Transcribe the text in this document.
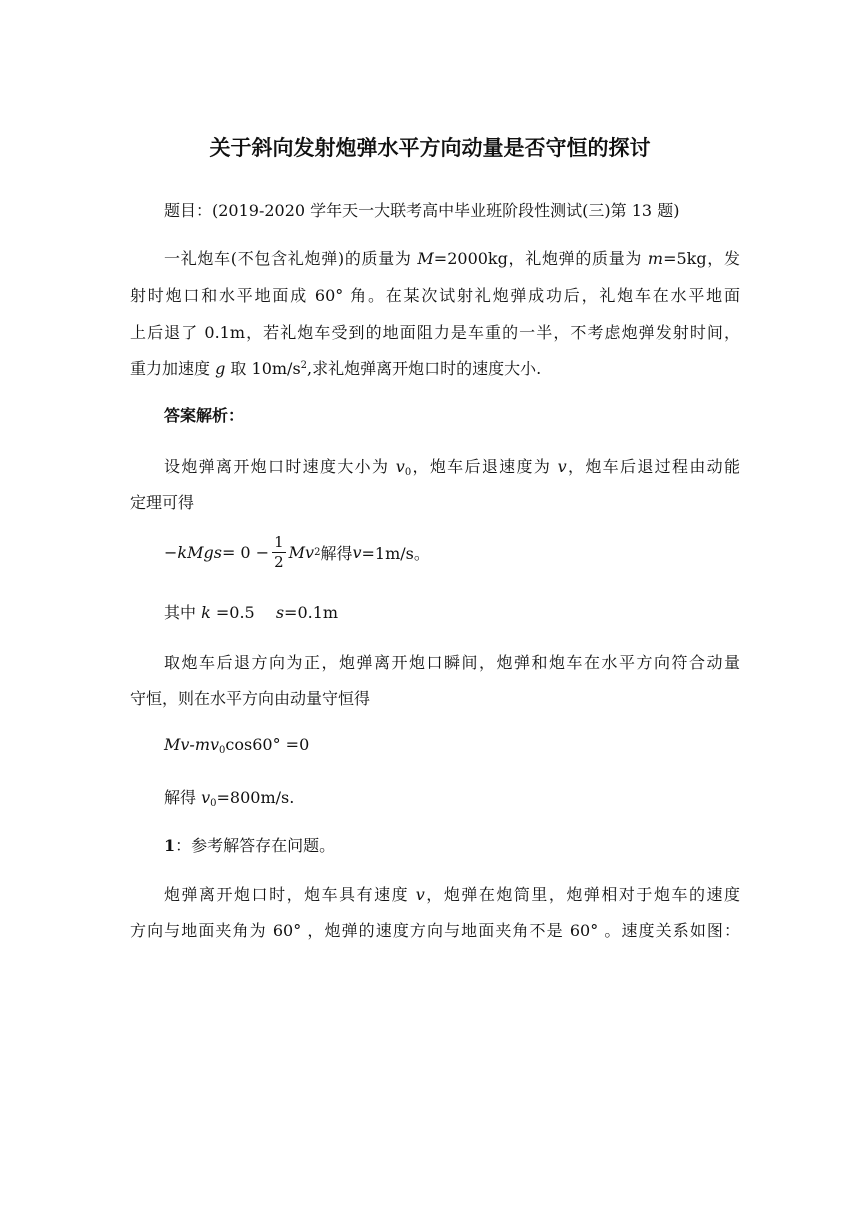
关于斜向发射炮弹水平方向动量是否守恒的探讨
题目：(2019-2020 学年天一大联考高中毕业班阶段性测试(三)第 13 题)
一礼炮车(不包含礼炮弹)的质量为 M=2000kg，礼炮弹的质量为 m=5kg，发
射时炮口和水平地面成 60° 角。在某次试射礼炮弹成功后，礼炮车在水平地面
上后退了 0.1m，若礼炮车受到的地面阻力是车重的一半，不考虑炮弹发射时间，
重力加速度 g 取 $10m/s^2$,求礼炮弹离开炮口时的速度大小.
答案解析：
设炮弹离开炮口时速度大小为 $v_0$，炮车后退速度为 v，炮车后退过程由动能
定理可得
−kMgs = $0 - \frac{1}{2}$ Mv 2 解得 v =1m/s。
其中 k =0.5　 s=0.1m
取炮车后退方向为正，炮弹离开炮口瞬间，炮弹和炮车在水平方向符合动量
守恒，则在水平方向由动量守恒得
$Mv-mv_0\cos 60^\circ =0$
解得 $v_0=800m/s$.
1：参考解答存在问题。
炮弹离开炮口时，炮车具有速度 v，炮弹在炮筒里，炮弹相对于炮车的速度
方向与地面夹角为 60° ，炮弹的速度方向与地面夹角不是 60° 。速度关系如图：
